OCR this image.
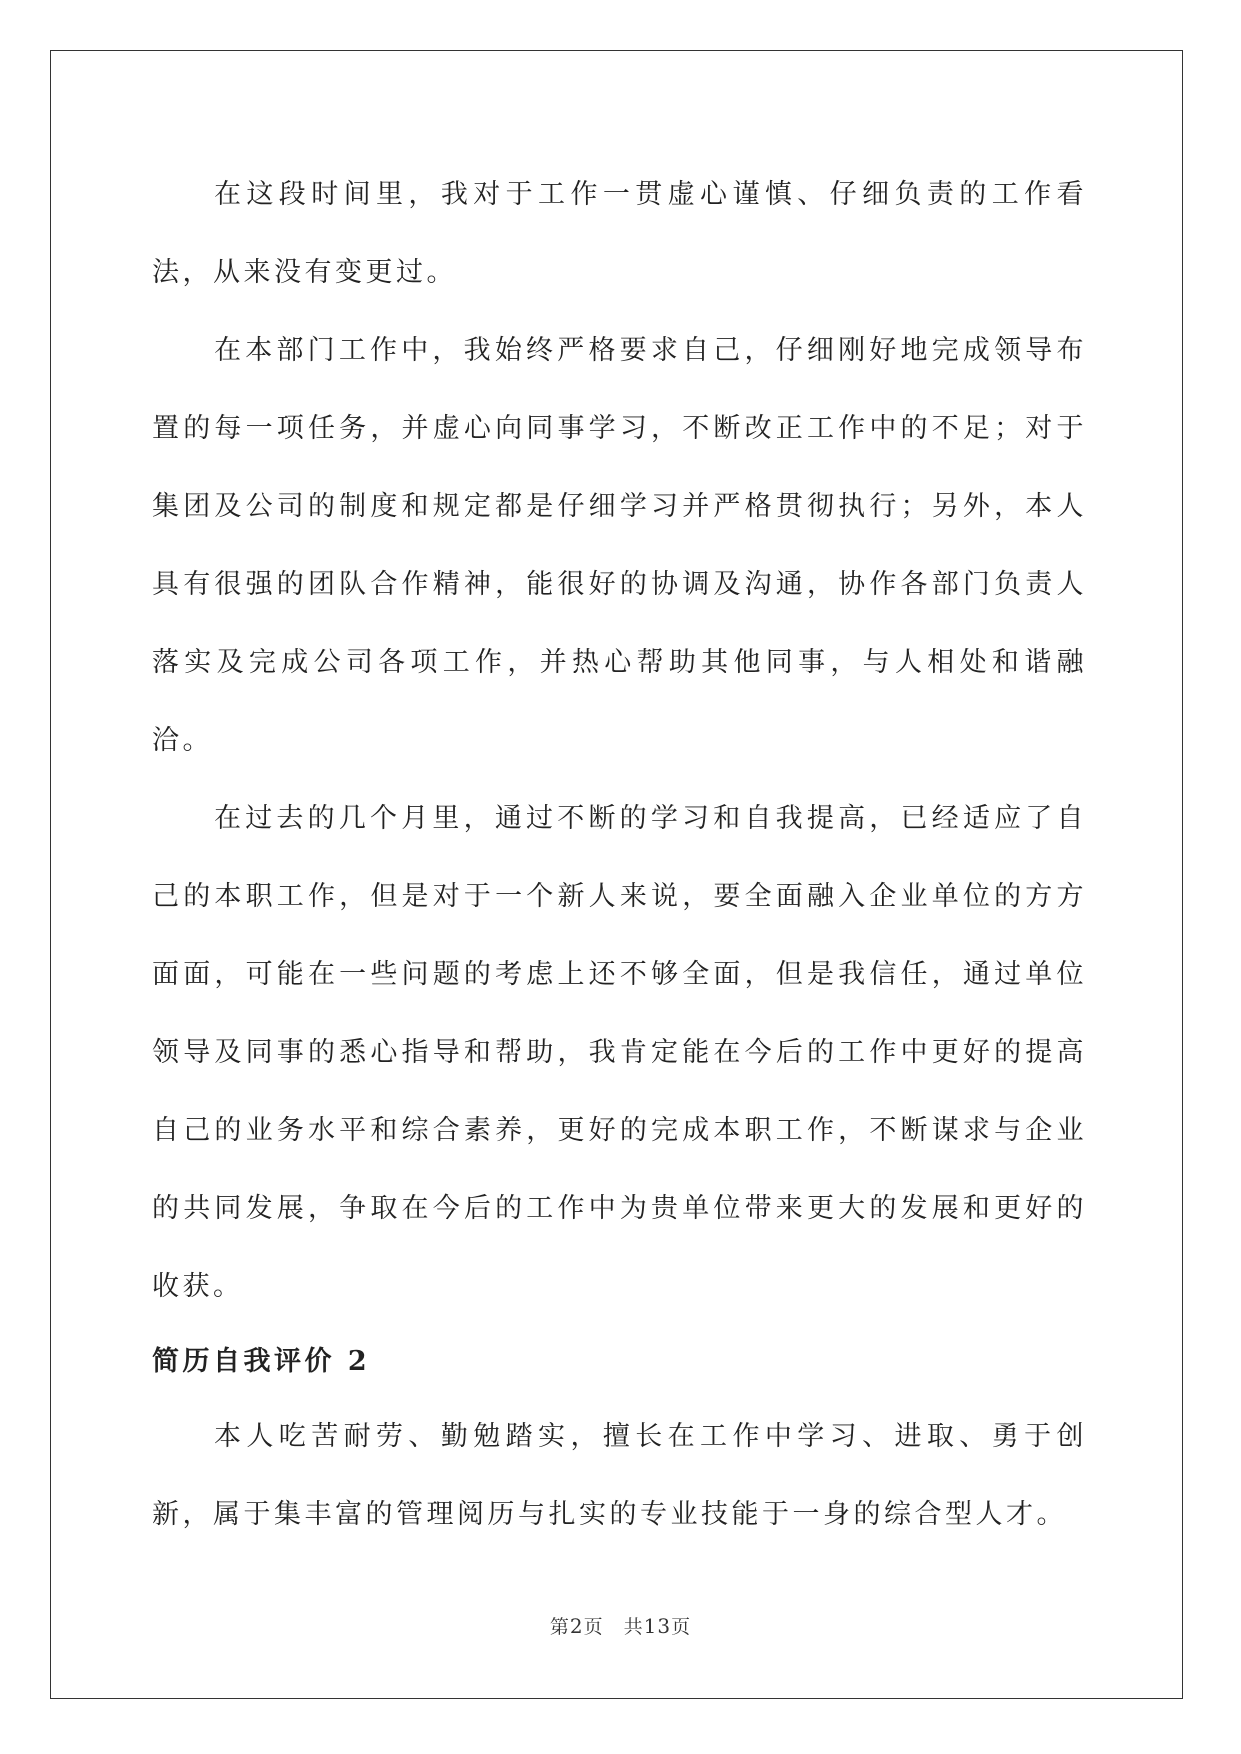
在这段时间里，我对于工作一贯虚心谨慎、仔细负责的工作看法，从来没有变更过。

在本部门工作中，我始终严格要求自己，仔细刚好地完成领导布置的每一项任务，并虚心向同事学习，不断改正工作中的不足；对于集团及公司的制度和规定都是仔细学习并严格贯彻执行；另外，本人具有很强的团队合作精神，能很好的协调及沟通，协作各部门负责人落实及完成公司各项工作，并热心帮助其他同事，与人相处和谐融洽。

在过去的几个月里，通过不断的学习和自我提高，已经适应了自己的本职工作，但是对于一个新人来说，要全面融入企业单位的方方面面，可能在一些问题的考虑上还不够全面，但是我信任，通过单位领导及同事的悉心指导和帮助，我肯定能在今后的工作中更好的提高自己的业务水平和综合素养，更好的完成本职工作，不断谋求与企业的共同发展，争取在今后的工作中为贵单位带来更大的发展和更好的收获。

简历自我评价 2

本人吃苦耐劳、勤勉踏实，擅长在工作中学习、进取、勇于创新，属于集丰富的管理阅历与扎实的专业技能于一身的综合型人才。

第2页 共13页
